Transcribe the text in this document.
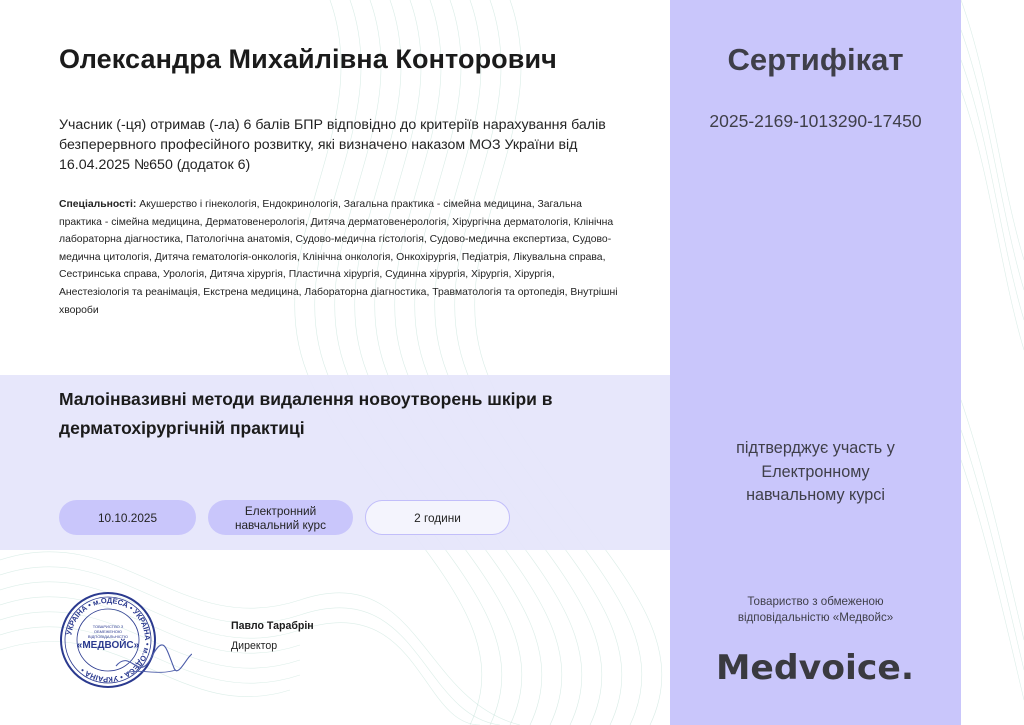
Олександра Михайлівна Конторович

Учасник (-ця) отримав (-ла) 6 балів БПР відповідно до критеріїв нарахування балів безперервного професійного розвитку, які визначено наказом МОЗ України від 16.04.2025 №650 (додаток 6)

Спеціальності: Акушерство і гінекологія, Ендокринологія, Загальна практика - сімейна медицина, Загальна практика - сімейна медицина, Дерматовенерологія, Дитяча дерматовенерологія, Хірургічна дерматологія, Клінічна лабораторна діагностика, Патологічна анатомія, Судово-медична гістологія, Судово-медична експертиза, Судово-медична цитологія, Дитяча гематологія-онкологія, Клінічна онкологія, Онкохірургія, Педіатрія, Лікувальна справа, Сестринська справа, Урологія, Дитяча хірургія, Пластична хірургія, Судинна хірургія, Хірургія, Хірургія, Анестезіологія та реанімація, Екстрена медицина, Лабораторна діагностика, Травматологія та ортопедія, Внутрішні хвороби

Малоінвазивні методи видалення новоутворень шкіри в дерматохірургічній практиці
10.10.2025	Електронний навчальний курс	2 години
УКРАЇНА • м.ОДЕСА • УКРАЇНА • м.ОДЕСА • УКРАЇНА •
ТОВАРИСТВО З
ОБМЕЖЕНОЮ
ВІДПОВІДАЛЬНІСТЮ
«МЕДВОЙС»
Павло Тарабрін
Директор
Сертифікат
2025-2169-1013290-17450

підтверджує участь у Електронному навчальному курсі

Товариство з обмеженою відповідальністю «Медвойс»

Medvoice.
